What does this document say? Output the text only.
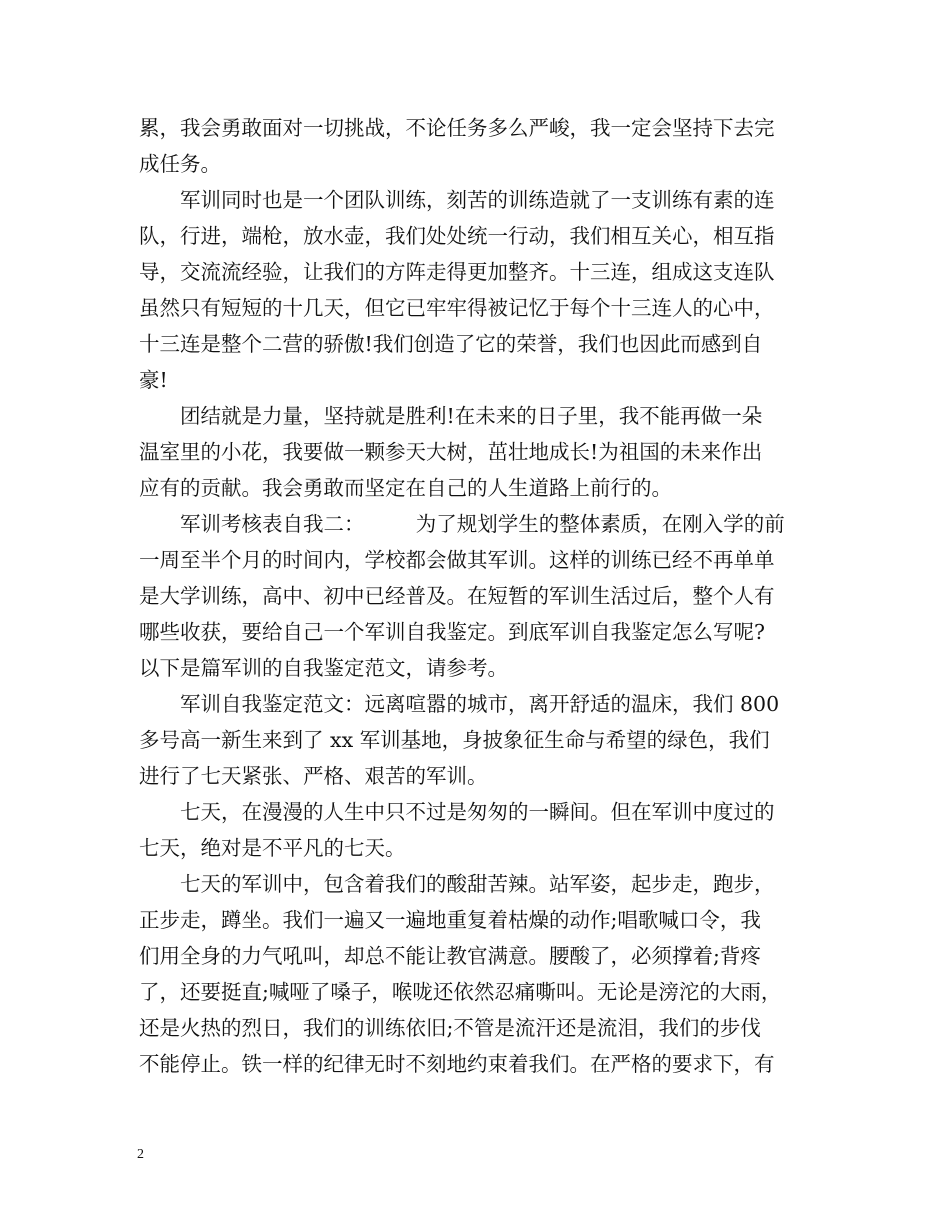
累，我会勇敢面对一切挑战，不论任务多么严峻，我一定会坚持下去完
成任务。
　　军训同时也是一个团队训练，刻苦的训练造就了一支训练有素的连
队，行进，端枪，放水壶，我们处处统一行动，我们相互关心，相互指
导，交流流经验，让我们的方阵走得更加整齐。十三连，组成这支连队
虽然只有短短的十几天，但它已牢牢得被记忆于每个十三连人的心中，
十三连是整个二营的骄傲!我们创造了它的荣誉，我们也因此而感到自
豪!
　　团结就是力量，坚持就是胜利!在未来的日子里，我不能再做一朵
温室里的小花，我要做一颗参天大树，茁壮地成长!为祖国的未来作出
应有的贡献。我会勇敢而坚定在自己的人生道路上前行的。
　　军训考核表自我二：　　　为了规划学生的整体素质，在刚入学的前
一周至半个月的时间内，学校都会做其军训。这样的训练已经不再单单
是大学训练，高中、初中已经普及。在短暂的军训生活过后，整个人有
哪些收获，要给自己一个军训自我鉴定。到底军训自我鉴定怎么写呢?
以下是篇军训的自我鉴定范文，请参考。
　　军训自我鉴定范文：远离喧嚣的城市，离开舒适的温床，我们 800
多号高一新生来到了 xx 军训基地，身披象征生命与希望的绿色，我们
进行了七天紧张、严格、艰苦的军训。
　　七天，在漫漫的人生中只不过是匆匆的一瞬间。但在军训中度过的
七天，绝对是不平凡的七天。
　　七天的军训中，包含着我们的酸甜苦辣。站军姿，起步走，跑步，
正步走，蹲坐。我们一遍又一遍地重复着枯燥的动作;唱歌喊口令，我
们用全身的力气吼叫，却总不能让教官满意。腰酸了，必须撑着;背疼
了，还要挺直;喊哑了嗓子，喉咙还依然忍痛嘶叫。无论是滂沱的大雨，
还是火热的烈日，我们的训练依旧;不管是流汗还是流泪，我们的步伐
不能停止。铁一样的纪律无时不刻地约束着我们。在严格的要求下，有
2
